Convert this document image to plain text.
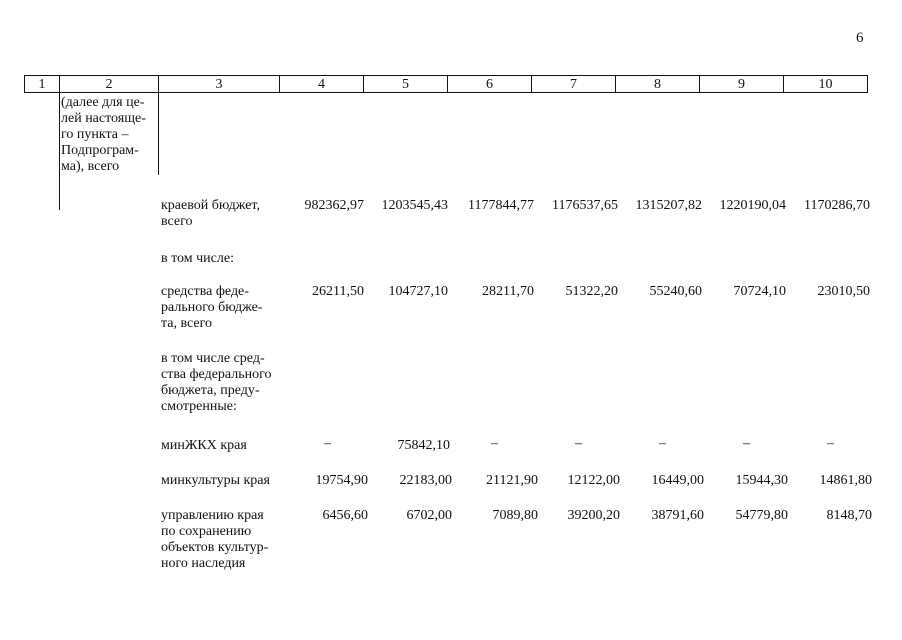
6
1	2	3	4	5	6	7	8	9	10
(далее для це-
лей настояще-
го пункта –
Подпрограм-
ма), всего
краевой бюджет,
всего
982362,97	1203545,43	1177844,77	1176537,65	1315207,82	1220190,04	1170286,70
в том числе:
средства феде-
рального бюдже-
та, всего
26211,50	104727,10	28211,70	51322,20	55240,60	70724,10	23010,50
в том числе сред-
ства федерального
бюджета, преду-
смотренные:
минЖКХ края	–	75842,10	–	–	–	–	–
минкультуры края	19754,90	22183,00	21121,90	12122,00	16449,00	15944,30	14861,80
управлению края
по сохранению
объектов культур-
ного наследия
6456,60	6702,00	7089,80	39200,20	38791,60	54779,80	8148,70
